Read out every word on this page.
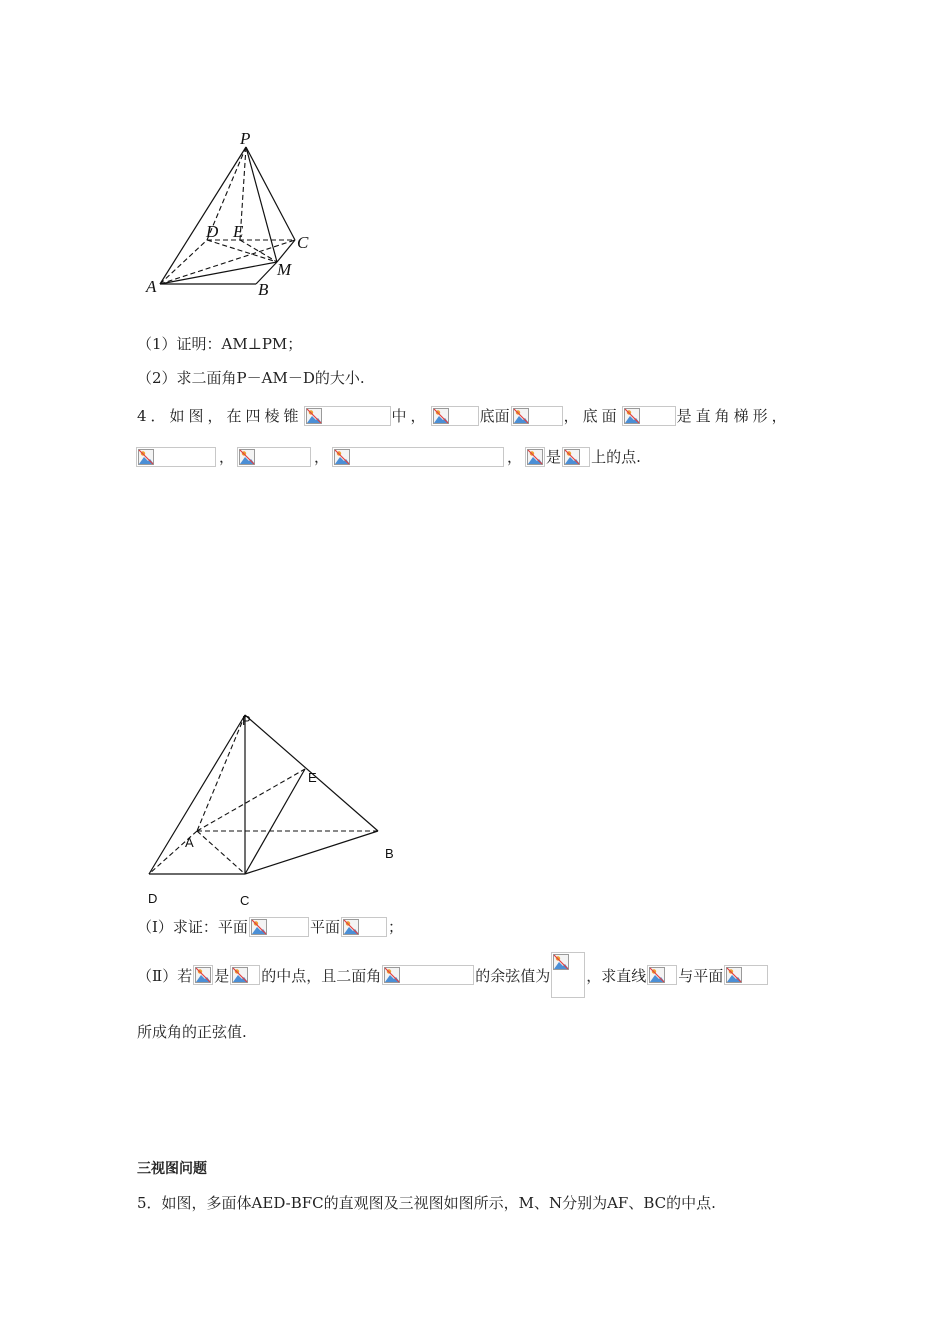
P
D E
C
M
A	B
（1）证明：AM⊥PM；
（2）求二面角P－AM－D的大小.
4．如图，在四棱锥	中，	底面	，底面	是直角梯形，
，	，	， 是 上的点.
P
E
A
B
D	C
（Ⅰ）求证：平面	平面	；
（Ⅱ）若 是 的中点，且二面角	的余弦值为 ，求直线 与平面
所成角的正弦值.
三视图问题
5．如图，多面体AED-BFC的直观图及三视图如图所示，M、N分别为AF、BC的中点.
